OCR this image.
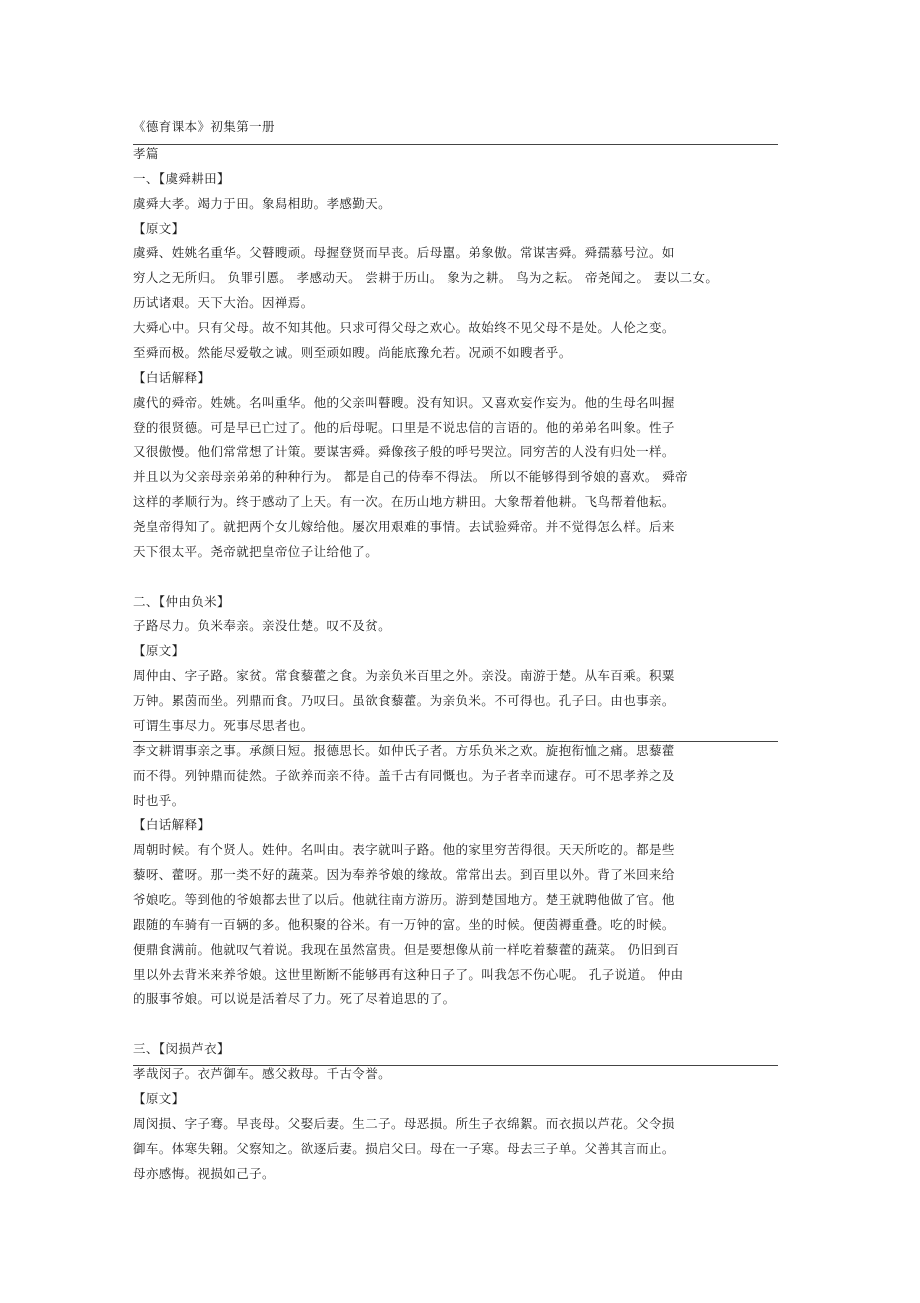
《德育课本》初集第一册
孝篇
一、【虞舜耕田】
虞舜大孝。竭力于田。象舄相助。孝感勤天。
【原文】
虞舜、姓姚名重华。父瞽瞍顽。母握登贤而早丧。后母嚚。弟象傲。常谋害舜。舜孺慕号泣。如
穷人之无所归。 负罪引慝。 孝感动天。 尝耕于历山。 象为之耕。 鸟为之耘。 帝尧闻之。 妻以二女。
历试诸艰。天下大治。因禅焉。
大舜心中。只有父母。故不知其他。只求可得父母之欢心。故始终不见父母不是处。人伦之变。
至舜而极。然能尽爱敬之诚。则至顽如瞍。尚能底豫允若。况顽不如瞍者乎。
【白话解释】
虞代的舜帝。姓姚。名叫重华。他的父亲叫瞽瞍。没有知识。又喜欢妄作妄为。他的生母名叫握
登的很贤德。可是早已亡过了。他的后母呢。口里是不说忠信的言语的。他的弟弟名叫象。性子
又很傲慢。他们常常想了计策。要谋害舜。舜像孩子般的呼号哭泣。同穷苦的人没有归处一样。
并且以为父亲母亲弟弟的种种行为。 都是自己的侍奉不得法。 所以不能够得到爷娘的喜欢。 舜帝
这样的孝顺行为。终于感动了上天。有一次。在历山地方耕田。大象帮着他耕。飞鸟帮着他耘。
尧皇帝得知了。就把两个女儿嫁给他。屡次用艰难的事情。去试验舜帝。并不觉得怎么样。后来
天下很太平。尧帝就把皇帝位子让给他了。
二、【仲由负米】
子路尽力。负米奉亲。亲没仕楚。叹不及贫。
【原文】
周仲由、字子路。家贫。常食藜藿之食。为亲负米百里之外。亲没。南游于楚。从车百乘。积粟
万钟。累茵而坐。列鼎而食。乃叹曰。虽欲食藜藿。为亲负米。不可得也。孔子曰。由也事亲。
可谓生事尽力。死事尽思者也。
李文耕谓事亲之事。承颜日短。报德思长。如仲氏子者。方乐负米之欢。旋抱衔恤之痛。思藜藿
而不得。列钟鼎而徒然。子欲养而亲不待。盖千古有同慨也。为子者幸而逮存。可不思孝养之及
时也乎。
【白话解释】
周朝时候。有个贤人。姓仲。名叫由。表字就叫子路。他的家里穷苦得很。天天所吃的。都是些
藜呀、藿呀。那一类不好的蔬菜。因为奉养爷娘的缘故。常常出去。到百里以外。背了米回来给
爷娘吃。等到他的爷娘都去世了以后。他就往南方游历。游到楚国地方。楚王就聘他做了官。他
跟随的车骑有一百辆的多。他积聚的谷米。有一万钟的富。坐的时候。便茵褥重叠。吃的时候。
便鼎食满前。他就叹气着说。我现在虽然富贵。但是要想像从前一样吃着藜藿的蔬菜。 仍旧到百
里以外去背米来养爷娘。这世里断断不能够再有这种日子了。叫我怎不伤心呢。 孔子说道。 仲由
的服事爷娘。可以说是活着尽了力。死了尽着追思的了。
三、【闵损芦衣】
孝哉闵子。衣芦御车。感父救母。千古令誉。
【原文】
周闵损、字子骞。早丧母。父娶后妻。生二子。母恶损。所生子衣绵絮。而衣损以芦花。父令损
御车。体寒失翱。父察知之。欲逐后妻。损启父曰。母在一子寒。母去三子单。父善其言而止。
母亦感悔。视损如己子。
